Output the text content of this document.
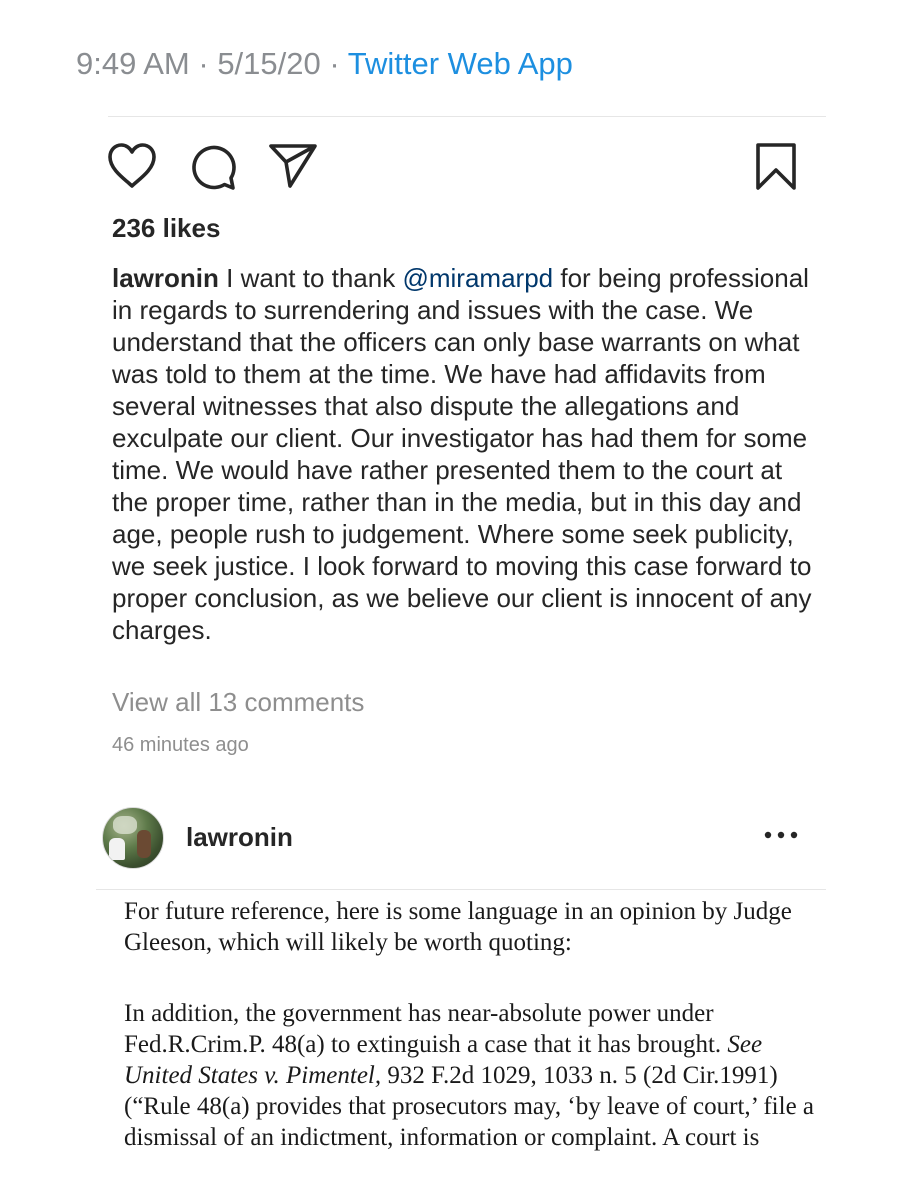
9:49 AM · 5/15/20 · Twitter Web App
236 likes
lawronin I want to thank @miramarpd for being professional in regards to surrendering and issues with the case. We understand that the officers can only base warrants on what was told to them at the time. We have had affidavits from several witnesses that also dispute the allegations and exculpate our client. Our investigator has had them for some time. We would have rather presented them to the court at the proper time, rather than in the media, but in this day and age, people rush to judgement. Where some seek publicity, we seek justice. I look forward to moving this case forward to proper conclusion, as we believe our client is innocent of any charges.
View all 13 comments
46 minutes ago
lawronin

For future reference, here is some language in an opinion by Judge Gleeson, which will likely be worth quoting:

In addition, the government has near-absolute power under Fed.R.Crim.P. 48(a) to extinguish a case that it has brought. See United States v. Pimentel, 932 F.2d 1029, 1033 n. 5 (2d Cir.1991) (“Rule 48(a) provides that prosecutors may, ‘by leave of court,’ file a dismissal of an indictment, information or complaint. A court is
